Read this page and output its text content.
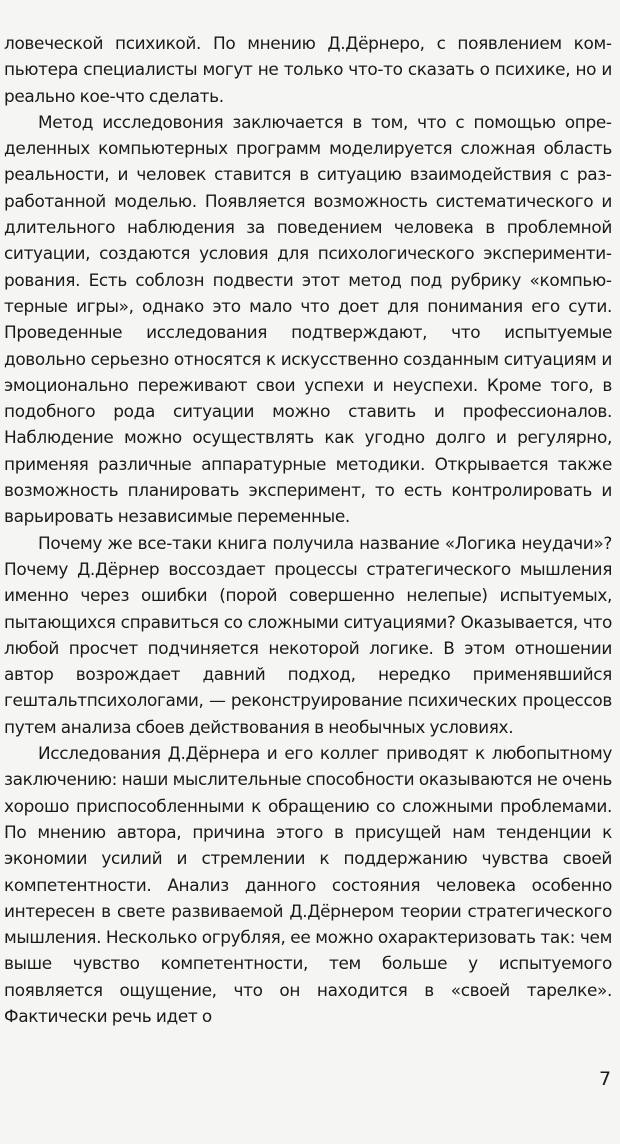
ловеческой психикой. По мнению Д.Дёрнеро, с появлением компьютера специалисты могут не только что-то сказать о психике, но и реально кое-что сделать.

Метод исследовония заключается в том, что с помощью определенных компьютерных программ моделируется сложная область реальности, и человек ставится в ситуацию взаимодействия с разработанной моделью. Появляется возможность систематического и длительного наблюдения за поведением человека в проблемной ситуации, создаются условия для психологического экспериментирования. Есть соблозн подвести этот метод под рубрику «компьютерные игры», однако это мало что доет для понимания его сути. Проведенные исследования подтверждают, что испытуемые довольно серьезно относятся к искусственно созданным ситуациям и эмоционально переживают свои успехи и неуспехи. Кроме того, в подобного рода ситуации можно ставить и профессионалов. Наблюдение можно осуществлять как угодно долго и регулярно, применяя различные аппаратурные методики. Открывается также возможность планировать эксперимент, то есть контролировать и варьировать независимые переменные.

Почему же все-таки книга получила название «Логика неудачи»? Почему Д.Дёрнер воссоздает процессы стратегического мышления именно через ошибки (порой совершенно нелепые) испытуемых, пытающихся справиться со сложными ситуациями? Оказывается, что любой просчет подчиняется некоторой логике. В этом отношении автор возрождает давний подход, нередко применявшийся гештальтпсихологами, — реконструирование психических процессов путем анализа сбоев действования в необычных условиях.

Исследования Д.Дёрнера и его коллег приводят к любопытному заключению: наши мыслительные способности оказываются не очень хорошо приспособленными к обращению со сложными проблемами. По мнению автора, причина этого в присущей нам тенденции к экономии усилий и стремлении к поддержанию чувства своей компетентности. Анализ данного состояния человека особенно интересен в свете развиваемой Д.Дёрнером теории стратегического мышления. Несколько огрубляя, ее можно охарактеризовать так: чем выше чувство компетентности, тем больше у испытуемого появляется ощущение, что он находится в «своей тарелке». Фактически речь идет о

7
